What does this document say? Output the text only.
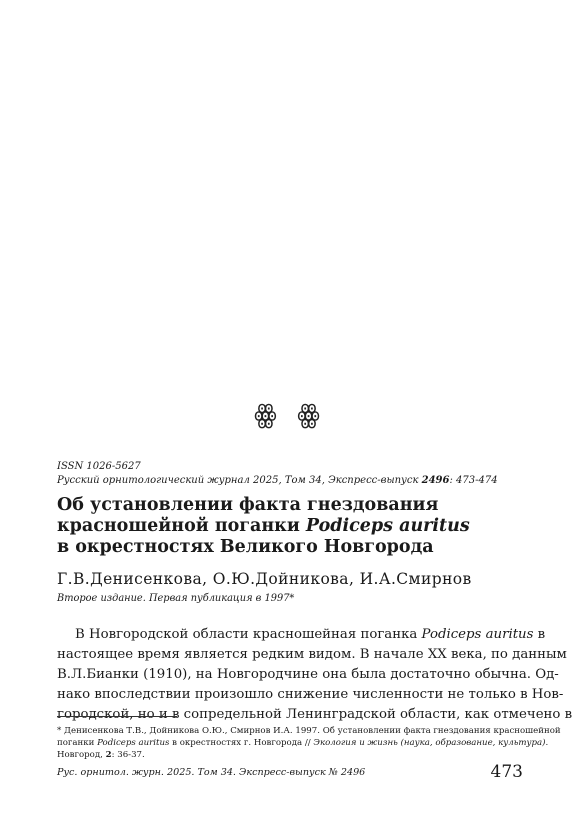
ꙮ ꙮ
ISSN 1026-5627
Русский орнитологический журнал 2025, Том 34, Экспресс-выпуск 2496: 473-474
Об установлении факта гнездования
красношейной поганки Podiceps auritus
в окрестностях Великого Новгорода
Г.В.Денисенкова, О.Ю.Дойникова, И.А.Смирнов
Второе издание. Первая публикация в 1997*
В Новгородской области красношейная поганка Podiceps auritus в
настоящее время является редким видом. В начале XX века, по данным
В.Л.Бианки (1910), на Новгородчине она была достаточно обычна. Од-
нако впоследствии произошло снижение численности не только в Нов-
городской, но и в сопредельной Ленинградской области, как отмечено в
* Денисенкова Т.В., Дойникова О.Ю., Смирнов И.А. 1997. Об установлении факта гнездования красношейной
поганки Podiceps auritus в окрестностях г. Новгорода // Экология и жизнь (наука, образование, культура).
Новгород, 2: 36-37.
Рус. орнитол. журн. 2025. Том 34. Экспресс-выпуск № 2496	473
